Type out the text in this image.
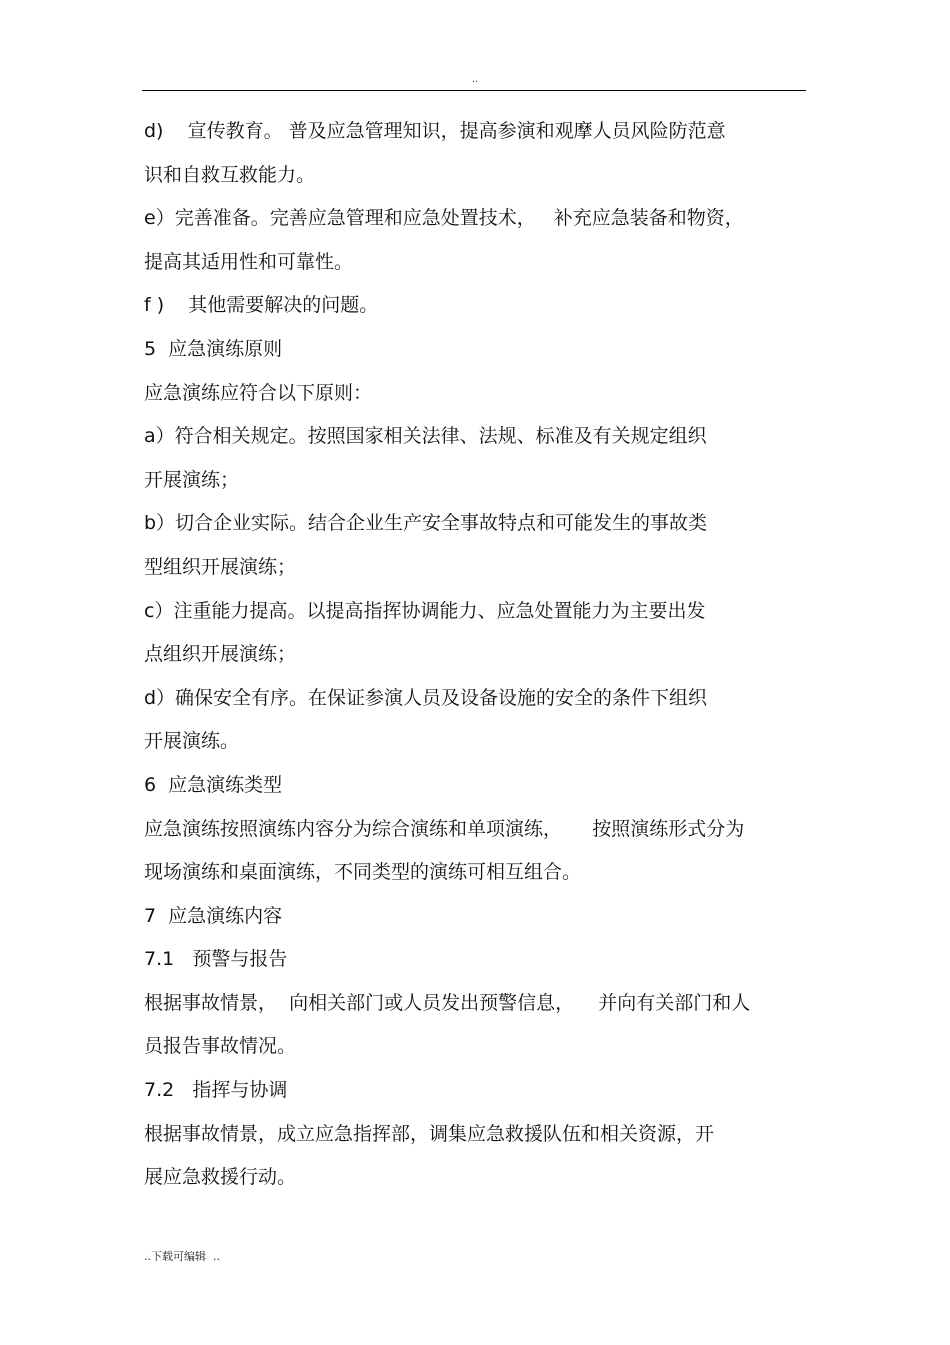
..
d)    宣传教育。 普及应急管理知识，提高参演和观摩人员风险防范意
识和自救互救能力。
e）完善准备。完善应急管理和应急处置技术，   补充应急装备和物资，
提高其适用性和可靠性。
f )    其他需要解决的问题。
5  应急演练原则
应急演练应符合以下原则：
a）符合相关规定。按照国家相关法律、法规、标准及有关规定组织
开展演练；
b）切合企业实际。结合企业生产安全事故特点和可能发生的事故类
型组织开展演练；
c）注重能力提高。以提高指挥协调能力、应急处置能力为主要出发
点组织开展演练；
d）确保安全有序。在保证参演人员及设备设施的安全的条件下组织
开展演练。
6  应急演练类型
应急演练按照演练内容分为综合演练和单项演练，     按照演练形式分为
现场演练和桌面演练，不同类型的演练可相互组合。
7  应急演练内容
7.1   预警与报告
根据事故情景，  向相关部门或人员发出预警信息，    并向有关部门和人
员报告事故情况。
7.2   指挥与协调
根据事故情景，成立应急指挥部，调集应急救援队伍和相关资源，开
展应急救援行动。
..下载可编辑  ..
